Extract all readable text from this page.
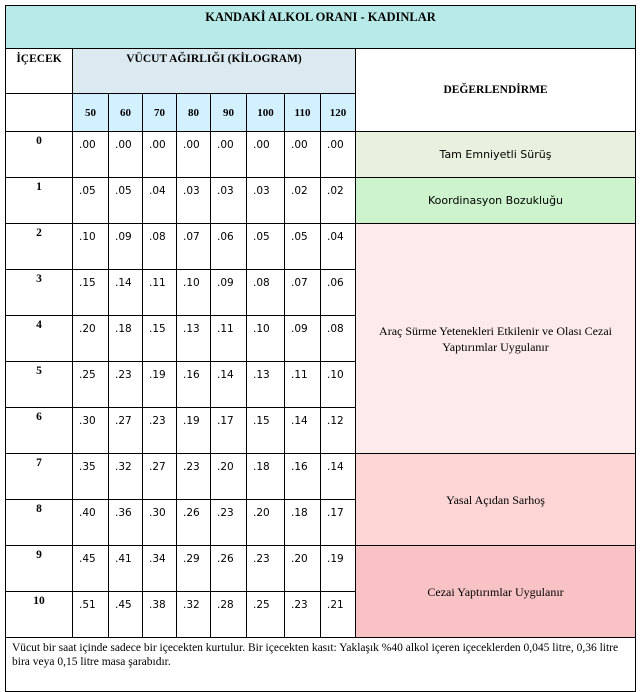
KANDAKİ ALKOL ORANI - KADINLAR									
İÇECEK	VÜCUT AĞIRLIĞI (KİLOGRAM)								DEĞERLENDİRME
	50	60	70	80	90	100	110	120	
0	.00	.00	.00	.00	.00	.00	.00	.00	Tam Emniyetli Sürüş
1	.05	.05	.04	.03	.03	.03	.02	.02	Koordinasyon Bozukluğu
2	.10	.09	.08	.07	.06	.05	.05	.04	Araç Sürme Yetenekleri Etkilenir ve Olası Cezai Yaptırımlar Uygulanır
3	.15	.14	.11	.10	.09	.08	.07	.06	
4	.20	.18	.15	.13	.11	.10	.09	.08	
5	.25	.23	.19	.16	.14	.13	.11	.10	
6	.30	.27	.23	.19	.17	.15	.14	.12	
7	.35	.32	.27	.23	.20	.18	.16	.14	Yasal Açıdan Sarhoş
8	.40	.36	.30	.26	.23	.20	.18	.17	
9	.45	.41	.34	.29	.26	.23	.20	.19	Cezai Yaptırımlar Uygulanır
10	.51	.45	.38	.32	.28	.25	.23	.21	
Vücut bir saat içinde sadece bir içecekten kurtulur. Bir içecekten kasıt: Yaklaşık %40 alkol içeren içeceklerden 0,045 litre, 0,36 litre bira veya 0,15 litre masa şarabıdır.									
